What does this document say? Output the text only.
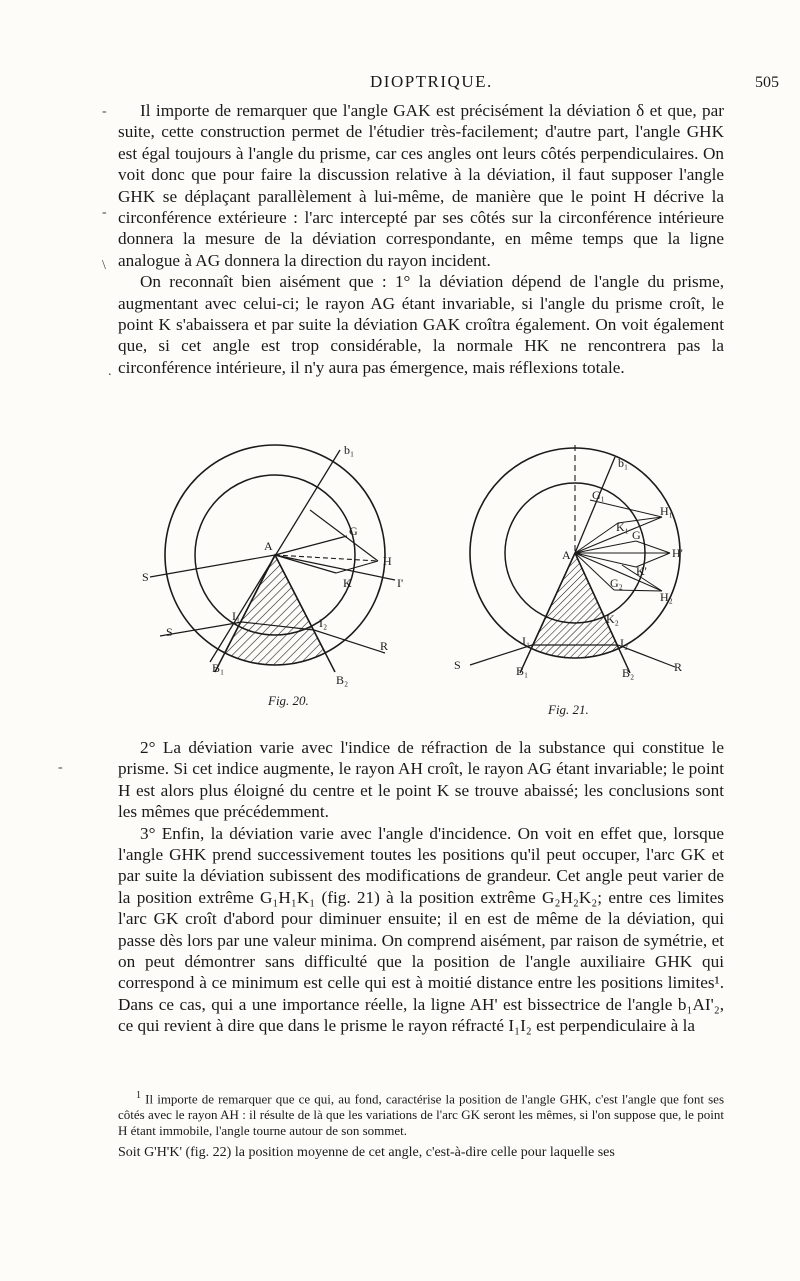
DIOPTRIQUE.	505
-
-
\
.
-

Il importe de remarquer que l'angle GAK est précisément la déviation δ et que, par suite, cette construction permet de l'étudier très-facilement; d'autre part, l'angle GHK est égal toujours à l'angle du prisme, car ces angles ont leurs côtés perpendiculaires. On voit donc que pour faire la discussion relative à la déviation, il faut supposer l'angle GHK se déplaçant parallèlement à lui-même, de manière que le point H décrive la circonférence extérieure : l'arc intercepté par ses côtés sur la circonférence intérieure donnera la mesure de la déviation correspondante, en même temps que la ligne analogue à AG donnera la direction du rayon incident.

On reconnaît bien aisément que : 1° la déviation dépend de l'angle du prisme, augmentant avec celui-ci; le rayon AG étant invariable, si l'angle du prisme croît, le point K s'abaissera et par suite la déviation GAK croîtra également. On voit également que, si cet angle est trop considérable, la normale HK ne rencontrera pas la circonférence intérieure, il n'y aura pas émergence, mais réflexions totale.

b₁
A
G
H
K
S	I'
S
I₁	I₂
R
B₁
B₂
Fig. 20.
b₁
G₁
H₁
K₁
G'
A	H'
K'
G₂
H₂
K₂
I₁	I₂
S	R
B₁	B₂
Fig. 21.

2° La déviation varie avec l'indice de réfraction de la substance qui constitue le prisme. Si cet indice augmente, le rayon AH croît, le rayon AG étant invariable; le point H est alors plus éloigné du centre et le point K se trouve abaissé; les conclusions sont les mêmes que précédemment.

3° Enfin, la déviation varie avec l'angle d'incidence. On voit en effet que, lorsque l'angle GHK prend successivement toutes les positions qu'il peut occuper, l'arc GK et par suite la déviation subissent des modifications de grandeur. Cet angle peut varier de la position extrême G₁H₁K₁ (fig. 21) à la position extrême G₂H₂K₂; entre ces limites l'arc GK croît d'abord pour diminuer ensuite; il en est de même de la déviation, qui passe dès lors par une valeur minima. On comprend aisément, par raison de symétrie, et on peut démontrer sans difficulté que la position de l'angle auxiliaire GHK qui correspond à ce minimum est celle qui est à moitié distance entre les positions limites¹. Dans ce cas, qui a une importance réelle, la ligne AH' est bissectrice de l'angle b₁AI'₂, ce qui revient à dire que dans le prisme le rayon réfracté I₁I₂ est perpendiculaire à la

$^1$ Il importe de remarquer que ce qui, au fond, caractérise la position de l'angle GHK, c'est l'angle que font ses côtés avec le rayon AH : il résulte de là que les variations de l'arc GK seront les mêmes, si l'on suppose que, le point H étant immobile, l'angle tourne autour de son sommet.

Soit G'H'K' (fig. 22) la position moyenne de cet angle, c'est-à-dire celle pour laquelle ses
